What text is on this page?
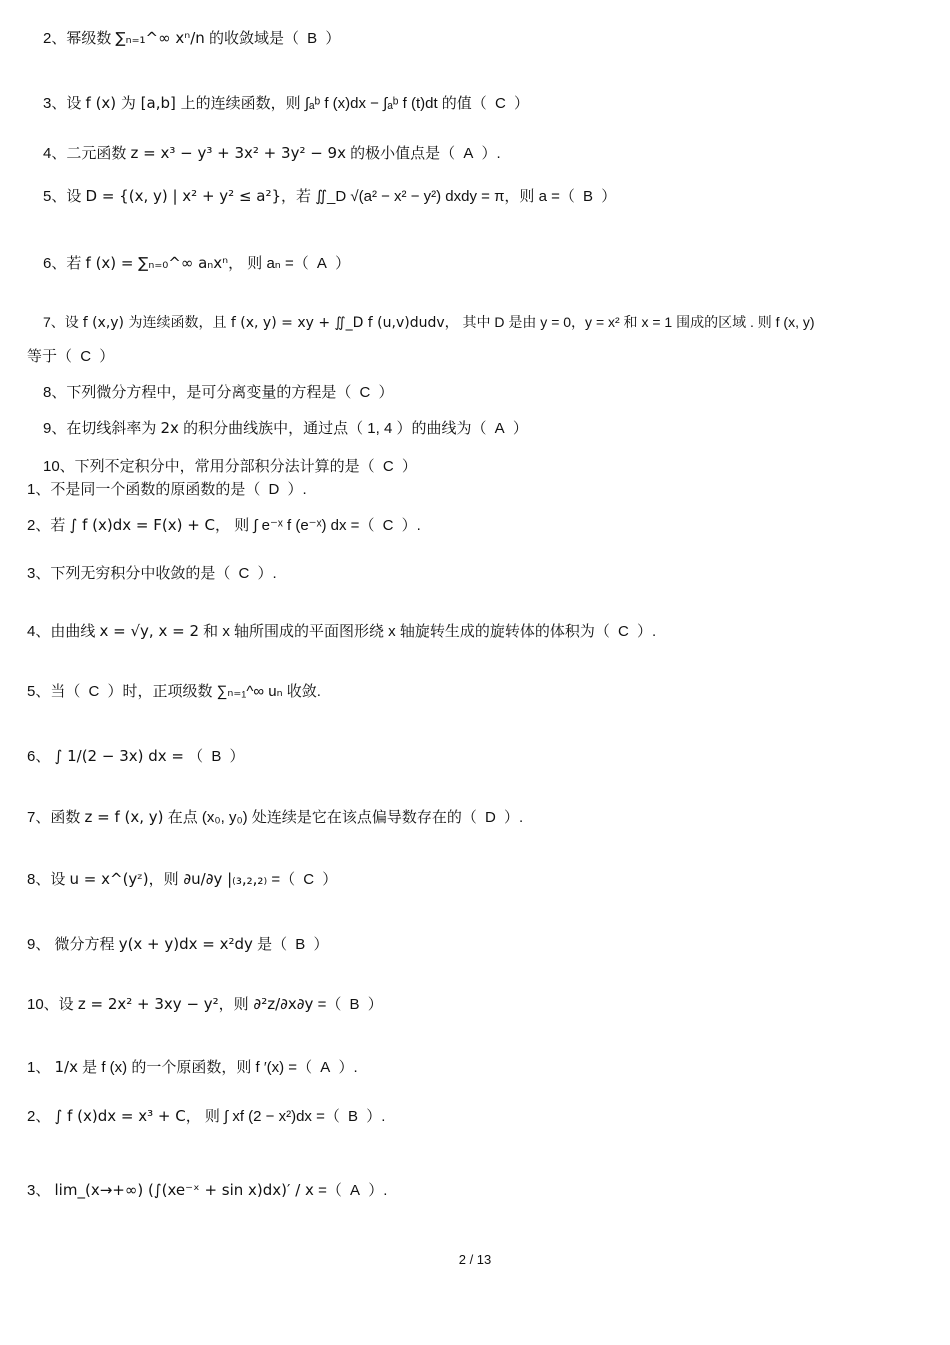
2、幂级数 ∑ₙ₌₁^∞ xⁿ/n 的收敛域是（ B ）
3、设 f (x) 为 [a,b] 上的连续函数，则 ∫ₐᵇ f (x)dx − ∫ₐᵇ f (t)dt 的值（ C ）
4、二元函数 z = x³ − y³ + 3x² + 3y² − 9x 的极小值点是（ A ）.
5、设 D = {(x, y) | x² + y² ≤ a²}，若 ∬_D √(a² − x² − y²) dxdy = π，则 a =（ B ）
6、若 f (x) = ∑ₙ₌₀^∞ aₙxⁿ， 则 aₙ =（ A ）
7、设 f (x,y) 为连续函数，且 f (x, y) = xy + ∬_D f (u,v)dudv， 其中 D 是由 y = 0，y = x² 和 x = 1 围成的区域 . 则 f (x, y)
等于（ C ）
8、下列微分方程中，是可分离变量的方程是（ C ）
9、在切线斜率为 2x 的积分曲线族中，通过点（ 1, 4 ）的曲线为（ A ）
10、下列不定积分中，常用分部积分法计算的是（ C ）
1、不是同一个函数的原函数的是（ D ）.
2、若 ∫ f (x)dx = F(x) + C， 则 ∫ e⁻ˣ f (e⁻ˣ) dx =（ C ）.
3、下列无穷积分中收敛的是（ C ）.
4、由曲线 x = √y, x = 2 和 x 轴所围成的平面图形绕 x 轴旋转生成的旋转体的体积为（ C ）.
5、当（ C ）时，正项级数 ∑ₙ₌₁^∞ uₙ 收敛.
6、 ∫ 1/(2 − 3x) dx = （ B ）
7、函数 z = f (x, y) 在点 (x₀, y₀) 处连续是它在该点偏导数存在的（ D ）.
8、设 u = x^(yᶻ)，则 ∂u/∂y |₍₃,₂,₂₎ =（ C ）
9、 微分方程 y(x + y)dx = x²dy 是（ B ）
10、设 z = 2x² + 3xy − y²，则 ∂²z/∂x∂y =（ B ）
1、 1/x 是 f (x) 的一个原函数，则 f ′(x) =（ A ）.
2、 ∫ f (x)dx = x³ + C， 则 ∫ xf (2 − x²)dx =（ B ）.
3、 lim_(x→+∞) (∫(xe⁻ˣ + sin x)dx)′ / x =（ A ）.
2 / 13
